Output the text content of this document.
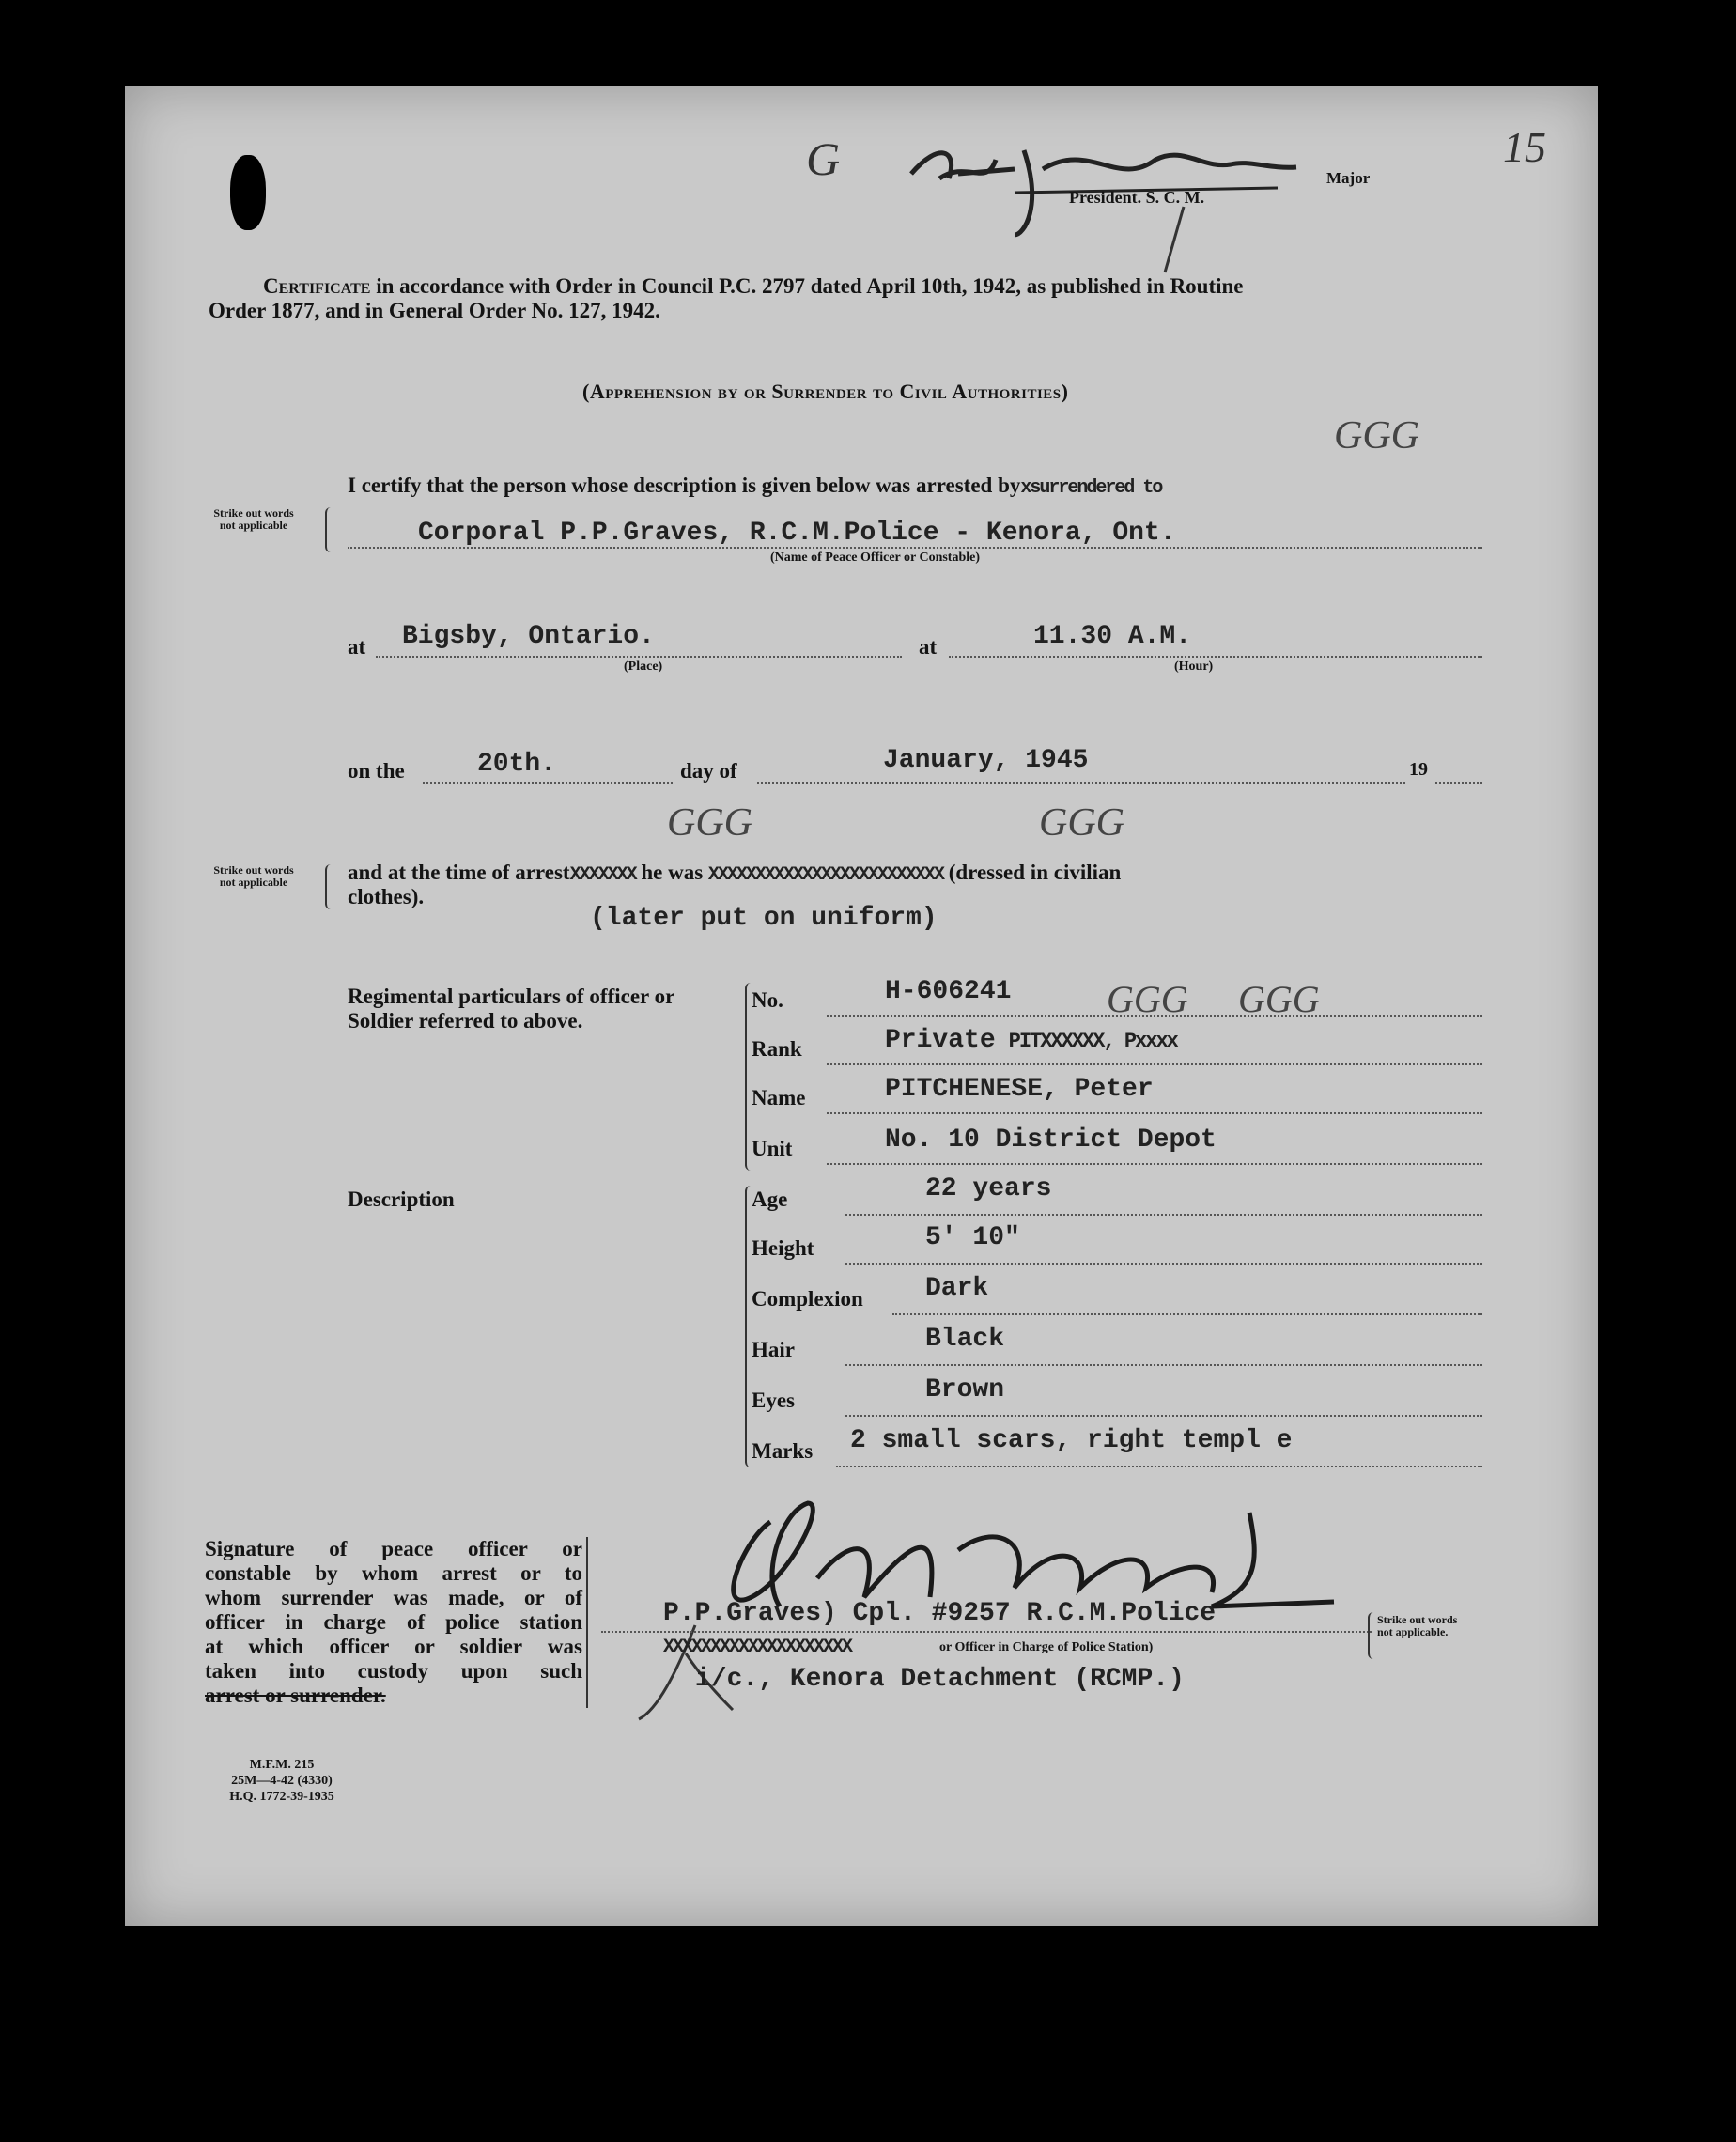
G	Major
President. S. C. M.
15
Certificate in accordance with Order in Council P.C. 2797 dated April 10th, 1942, as published in Routine
Order 1877, and in General Order No. 127, 1942.
(Apprehension by or Surrender to Civil Authorities)
I certify that the person whose description is given below was arrested byxsurrendered to
GGG
Strike out words not applicable	Corporal P.P.Graves, R.C.M.Police - Kenora, Ont.
(Name of Peace Officer or Constable)
at Bigsby, Ontario.
(Place)
at	11.30 A.M.
(Hour)
on the	20th.	day of	January, 1945	19
GGG	GGG
Strike out words not applicable	and at the time of arrestXXXXXXX he was XXXXXXXXXXXXXXXXXXXXXXXXX (dressed in civilian
clothes).
(later put on uniform)
Regimental particulars of officer or Soldier referred to above.
No.	H-606241
Rank	Private PITXXXXXX, Pxxxx
Name	PITCHENESE, Peter
Unit	No. 10 District Depot
GGG GGG
Description	Age	22 years
Height	5' 10"
Complexion Dark
Hair	Black
Eyes	Brown
Marks 2 small scars, right templ e
Signature of peace officer or
constable by whom arrest or to
whom surrender was made, or of
officer in charge of police station
at which officer or soldier was
taken into custody upon such
arrest or surrender.
P.P.Graves) Cpl. #9257 R.C.M.Police
XXXXXXXXXXXXXXXXXXXX	or Officer in Charge of Police Station)
i/c., Kenora Detachment (RCMP.)
Strike out words not applicable.
M.F.M. 215
25M—4-42 (4330)
H.Q. 1772-39-1935
